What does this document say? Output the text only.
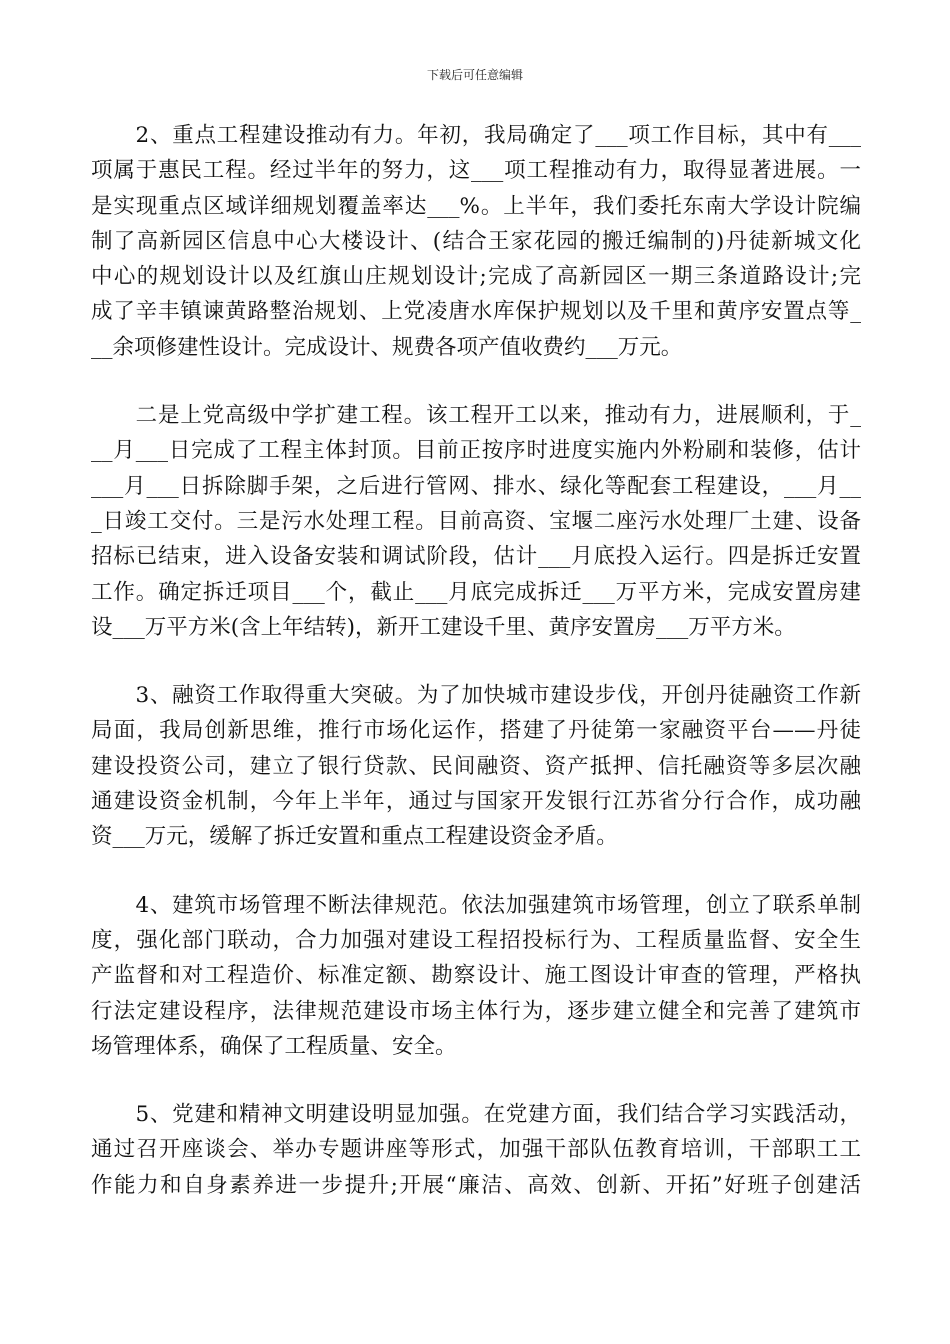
下载后可任意编辑
　　2、重点工程建设推动有力。年初，我局确定了___项工作目标，其中有___
项属于惠民工程。经过半年的努力，这___项工程推动有力，取得显著进展。一
是实现重点区域详细规划覆盖率达___%。上半年，我们委托东南大学设计院编
制了高新园区信息中心大楼设计、(结合王家花园的搬迁编制的)丹徒新城文化
中心的规划设计以及红旗山庄规划设计;完成了高新园区一期三条道路设计;完
成了辛丰镇谏黄路整治规划、上党凌唐水库保护规划以及千里和黄序安置点等_
__余项修建性设计。完成设计、规费各项产值收费约___万元。
　　二是上党高级中学扩建工程。该工程开工以来，推动有力，进展顺利，于_
__月___日完成了工程主体封顶。目前正按序时进度实施内外粉刷和装修，估计
___月___日拆除脚手架，之后进行管网、排水、绿化等配套工程建设，___月__
_日竣工交付。三是污水处理工程。目前高资、宝堰二座污水处理厂土建、设备
招标已结束，进入设备安装和调试阶段，估计___月底投入运行。四是拆迁安置
工作。确定拆迁项目___个，截止___月底完成拆迁___万平方米，完成安置房建
设___万平方米(含上年结转)，新开工建设千里、黄序安置房___万平方米。
　　3、融资工作取得重大突破。为了加快城市建设步伐，开创丹徒融资工作新
局面，我局创新思维，推行市场化运作，搭建了丹徒第一家融资平台——丹徒
建设投资公司，建立了银行贷款、民间融资、资产抵押、信托融资等多层次融
通建设资金机制，今年上半年，通过与国家开发银行江苏省分行合作，成功融
资___万元，缓解了拆迁安置和重点工程建设资金矛盾。
　　4、建筑市场管理不断法律规范。依法加强建筑市场管理，创立了联系单制
度，强化部门联动，合力加强对建设工程招投标行为、工程质量监督、安全生
产监督和对工程造价、标准定额、勘察设计、施工图设计审查的管理，严格执
行法定建设程序，法律规范建设市场主体行为，逐步建立健全和完善了建筑市
场管理体系，确保了工程质量、安全。
　　5、党建和精神文明建设明显加强。在党建方面，我们结合学习实践活动，
通过召开座谈会、举办专题讲座等形式，加强干部队伍教育培训，干部职工工
作能力和自身素养进一步提升;开展“廉洁、高效、创新、开拓”好班子创建活
